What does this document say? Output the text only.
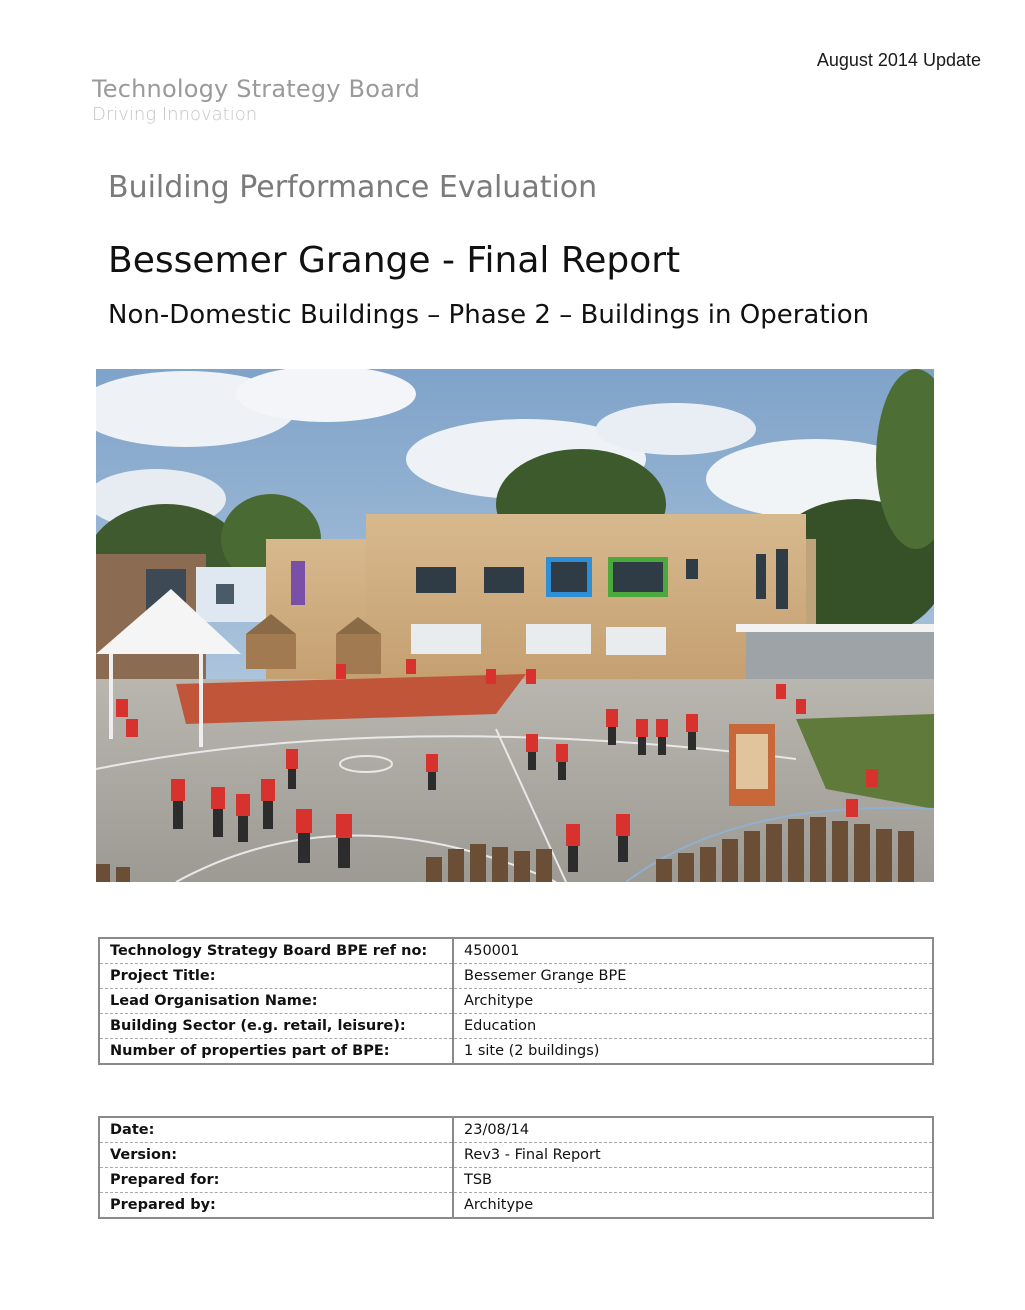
August 2014 Update
Technology Strategy Board
Driving Innovation
Building Performance Evaluation
Bessemer Grange - Final Report
Non-Domestic Buildings – Phase 2 – Buildings in Operation
Technology Strategy Board BPE ref no:	450001
Project Title:	Bessemer Grange BPE
Lead Organisation Name:	Architype
Building Sector (e.g. retail, leisure):	Education
Number of properties part of BPE:	1 site (2 buildings)
Date:	23/08/14
Version:	Rev3 - Final Report
Prepared for:	TSB
Prepared by:	Architype
